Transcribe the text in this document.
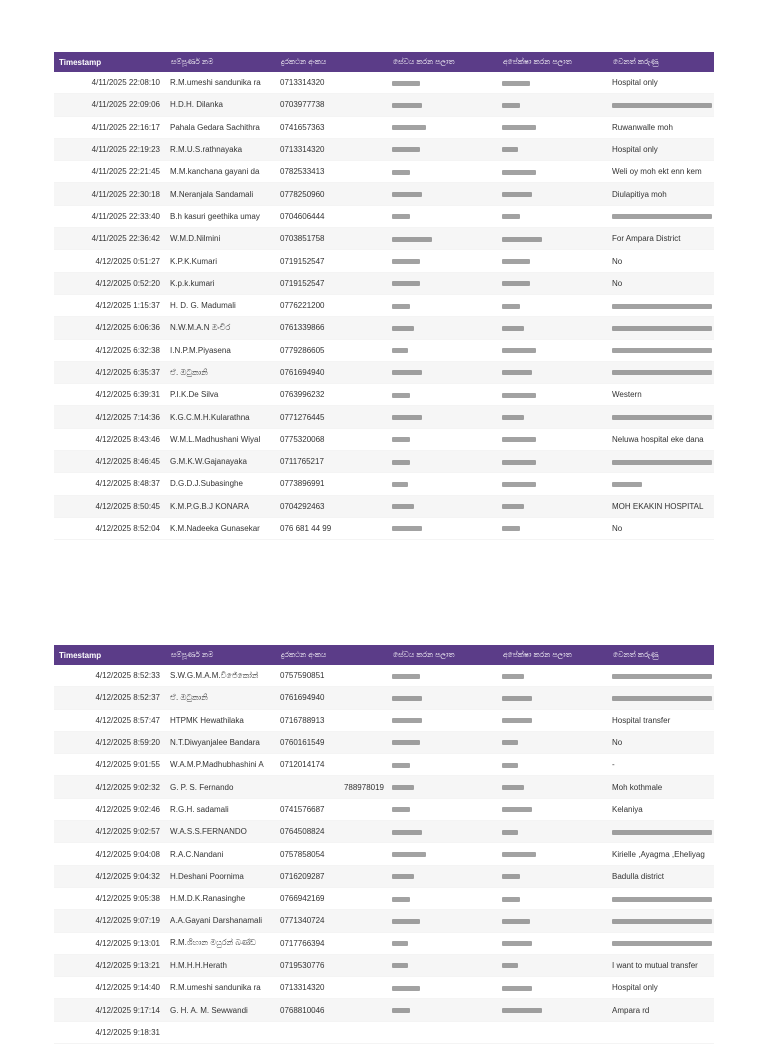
Timestamp	සම්පූර්ණ නම	දුරකථන අංකය	සේවය කරන පලාත	අපේක්ෂා කරන පලාත	වෙනත් කරුණු
4/11/2025 22:08:10	R.M.umeshi sandunika ra	0713314320			Hospital only
4/11/2025 22:09:06	H.D.H. Dilanka	0703977738			
4/11/2025 22:16:17	Pahala Gedara Sachithra	0741657363			Ruwanwalle moh
4/11/2025 22:19:23	R.M.U.S.rathnayaka	0713314320			Hospital only
4/11/2025 22:21:45	M.M.kanchana gayani da	0782533413			Weli oy moh ekt enn kem
4/11/2025 22:30:18	M.Neranjala Sandamali	0778250960			Diulapitiya moh
4/11/2025 22:33:40	B.h kasuri geethika umay	0704606444			
4/11/2025 22:36:42	W.M.D.Nilmini	0703851758			For Ampara District
4/12/2025 0:51:27	K.P.K.Kumari	0719152547			No
4/12/2025 0:52:20	K.p.k.kumari	0719152547			No
4/12/2025 1:15:37	H. D. G. Madumali	0776221200			
4/12/2025 6:06:36	N.W.M.A.N ඔංචිර	0761339866			
4/12/2025 6:32:38	I.N.P.M.Piyasena	0779286605			
4/12/2025 6:35:37	ඒ. ඔටුකානි	0761694940			
4/12/2025 6:39:31	P.I.K.De Silva	0763996232			Western
4/12/2025 7:14:36	K.G.C.M.H.Kularathna	0771276445			
4/12/2025 8:43:46	W.M.L.Madhushani Wiyal	0775320068			Neluwa hospital eke dana
4/12/2025 8:46:45	G.M.K.W.Gajanayaka	0711765217			
4/12/2025 8:48:37	D.G.D.J.Subasinghe	0773896991			
4/12/2025 8:50:45	K.M.P.G.B.J KONARA	0704292463			MOH EKAKIN HOSPITAL
4/12/2025 8:52:04	K.M.Nadeeka Gunasekar	076 681 44 99			No
Timestamp	සම්පූර්ණ නම	දුරකථන අංකය	සේවය කරන පලාත	අපේක්ෂා කරන පලාත	වෙනත් කරුණු
4/12/2025 8:52:33	S.W.G.M.A.M.විජේකෝන්	0757590851			
4/12/2025 8:52:37	ඒ. ඔටුකානි	0761694940			
4/12/2025 8:57:47	HTPMK Hewathilaka	0716788913			Hospital transfer
4/12/2025 8:59:20	N.T.Diwyanjalee Bandara	0760161549			No
4/12/2025 9:01:55	W.A.M.P.Madhubhashini A	0712014174			-
4/12/2025 9:02:32	G. P. S. Fernando	788978019			Moh kothmale
4/12/2025 9:02:46	R.G.H. sadamali	0741576687			Kelaniya
4/12/2025 9:02:57	W.A.S.S.FERNANDO	0764508824			
4/12/2025 9:04:08	R.A.C.Nandani	0757858054			Kirielle ,Ayagma ,Eheliyag
4/12/2025 9:04:32	H.Deshani Poornima	0716209287			Badulla district
4/12/2025 9:05:38	H.M.D.K.Ranasinghe	0766942169			
4/12/2025 9:07:19	A.A.Gayani Darshanamali	0771340724			
4/12/2025 9:13:01	R.M.ශිහාන මයුරන් බණ්ඩ	0717766394			
4/12/2025 9:13:21	H.M.H.H.Herath	0719530776			I want to mutual transfer
4/12/2025 9:14:40	R.M.umeshi sandunika ra	0713314320			Hospital only
4/12/2025 9:17:14	G. H. A. M. Sewwandi	0768810046			Ampara rd
4/12/2025 9:18:31					
